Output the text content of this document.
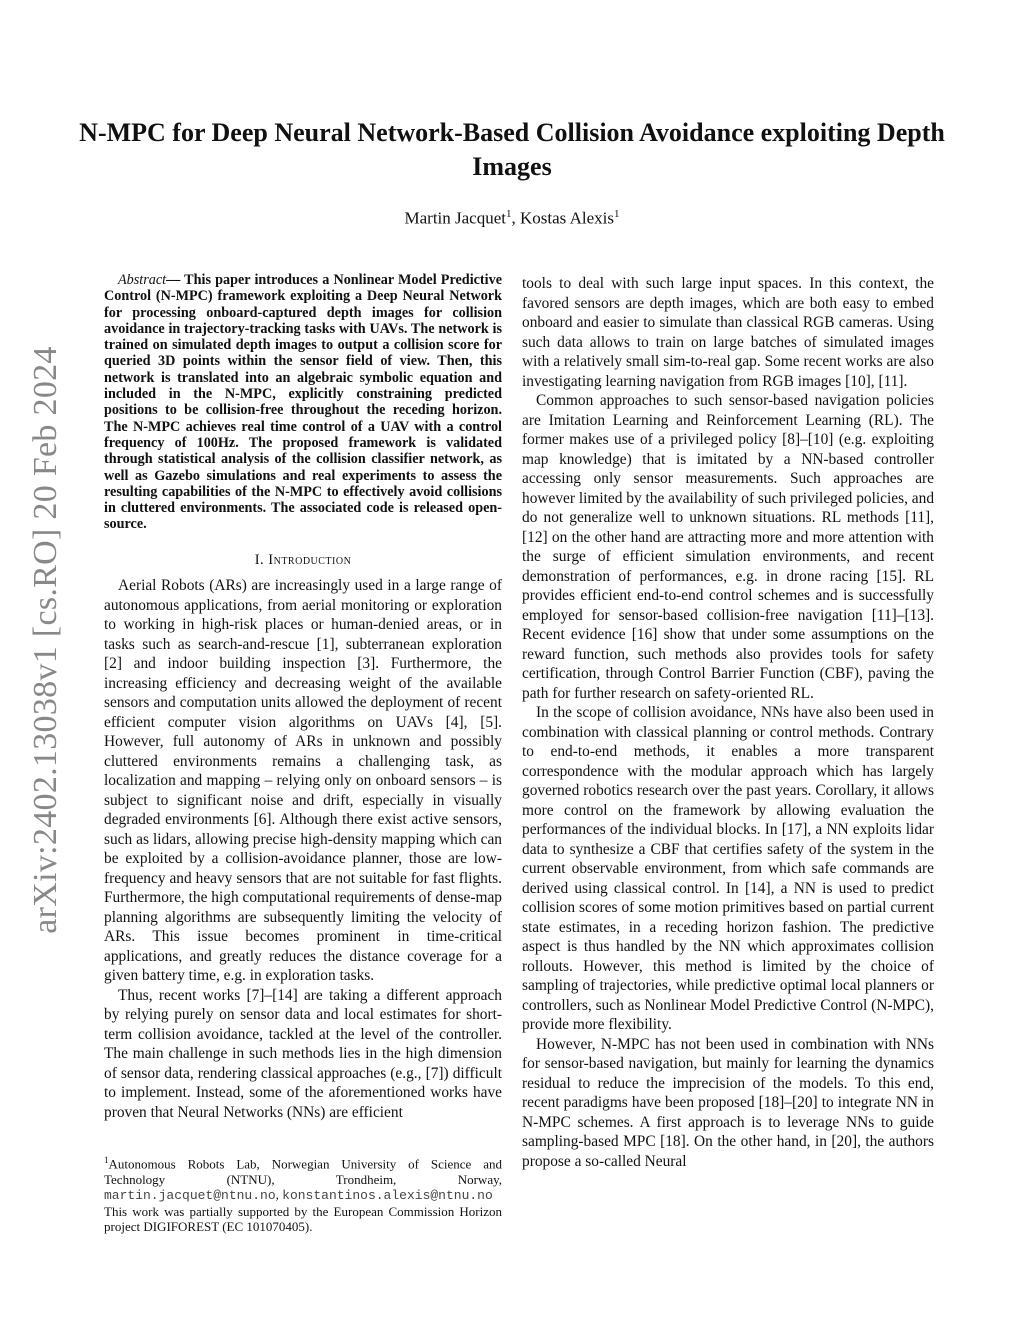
arXiv:2402.13038v1 [cs.RO] 20 Feb 2024
N-MPC for Deep Neural Network-Based Collision Avoidance exploiting Depth Images
Martin Jacquet$^1$, Kostas Alexis$^1$

Abstract— This paper introduces a Nonlinear Model Predictive Control (N-MPC) framework exploiting a Deep Neural Network for processing onboard-captured depth images for collision avoidance in trajectory-tracking tasks with UAVs. The network is trained on simulated depth images to output a collision score for queried 3D points within the sensor field of view. Then, this network is translated into an algebraic symbolic equation and included in the N-MPC, explicitly constraining predicted positions to be collision-free throughout the receding horizon. The N-MPC achieves real time control of a UAV with a control frequency of 100Hz. The proposed framework is validated through statistical analysis of the collision classifier network, as well as Gazebo simulations and real experiments to assess the resulting capabilities of the N-MPC to effectively avoid collisions in cluttered environments. The associated code is released open-source.

I. Introduction

Aerial Robots (ARs) are increasingly used in a large range of autonomous applications, from aerial monitoring or exploration to working in high-risk places or human-denied areas, or in tasks such as search-and-rescue [1], subterranean exploration [2] and indoor building inspection [3]. Furthermore, the increasing efficiency and decreasing weight of the available sensors and computation units allowed the deployment of recent efficient computer vision algorithms on UAVs [4], [5]. However, full autonomy of ARs in unknown and possibly cluttered environments remains a challenging task, as localization and mapping – relying only on onboard sensors – is subject to significant noise and drift, especially in visually degraded environments [6]. Although there exist active sensors, such as lidars, allowing precise high-density mapping which can be exploited by a collision-avoidance planner, those are low-frequency and heavy sensors that are not suitable for fast flights. Furthermore, the high computational requirements of dense-map planning algorithms are subsequently limiting the velocity of ARs. This issue becomes prominent in time-critical applications, and greatly reduces the distance coverage for a given battery time, e.g. in exploration tasks.

Thus, recent works [7]–[14] are taking a different approach by relying purely on sensor data and local estimates for short-term collision avoidance, tackled at the level of the controller. The main challenge in such methods lies in the high dimension of sensor data, rendering classical approaches (e.g., [7]) difficult to implement. Instead, some of the aforementioned works have proven that Neural Networks (NNs) are efficient

tools to deal with such large input spaces. In this context, the favored sensors are depth images, which are both easy to embed onboard and easier to simulate than classical RGB cameras. Using such data allows to train on large batches of simulated images with a relatively small sim-to-real gap. Some recent works are also investigating learning navigation from RGB images [10], [11].

Common approaches to such sensor-based navigation policies are Imitation Learning and Reinforcement Learning (RL). The former makes use of a privileged policy [8]–[10] (e.g. exploiting map knowledge) that is imitated by a NN-based controller accessing only sensor measurements. Such approaches are however limited by the availability of such privileged policies, and do not generalize well to unknown situations. RL methods [11], [12] on the other hand are attracting more and more attention with the surge of efficient simulation environments, and recent demonstration of performances, e.g. in drone racing [15]. RL provides efficient end-to-end control schemes and is successfully employed for sensor-based collision-free navigation [11]–[13]. Recent evidence [16] show that under some assumptions on the reward function, such methods also provides tools for safety certification, through Control Barrier Function (CBF), paving the path for further research on safety-oriented RL.

In the scope of collision avoidance, NNs have also been used in combination with classical planning or control methods. Contrary to end-to-end methods, it enables a more transparent correspondence with the modular approach which has largely governed robotics research over the past years. Corollary, it allows more control on the framework by allowing evaluation the performances of the individual blocks. In [17], a NN exploits lidar data to synthesize a CBF that certifies safety of the system in the current observable environment, from which safe commands are derived using classical control. In [14], a NN is used to predict collision scores of some motion primitives based on partial current state estimates, in a receding horizon fashion. The predictive aspect is thus handled by the NN which approximates collision rollouts. However, this method is limited by the choice of sampling of trajectories, while predictive optimal local planners or controllers, such as Nonlinear Model Predictive Control (N-MPC), provide more flexibility.

However, N-MPC has not been used in combination with NNs for sensor-based navigation, but mainly for learning the dynamics residual to reduce the imprecision of the models. To this end, recent paradigms have been proposed [18]–[20] to integrate NN in N-MPC schemes. A first approach is to leverage NNs to guide sampling-based MPC [18]. On the other hand, in [20], the authors propose a so-called Neural

$^1$Autonomous Robots Lab, Norwegian University of Science and Technology (NTNU), Trondheim, Norway, martin.jacquet@ntnu.no, konstantinos.alexis@ntnu.no
This work was partially supported by the European Commission Horizon project DIGIFOREST (EC 101070405).
